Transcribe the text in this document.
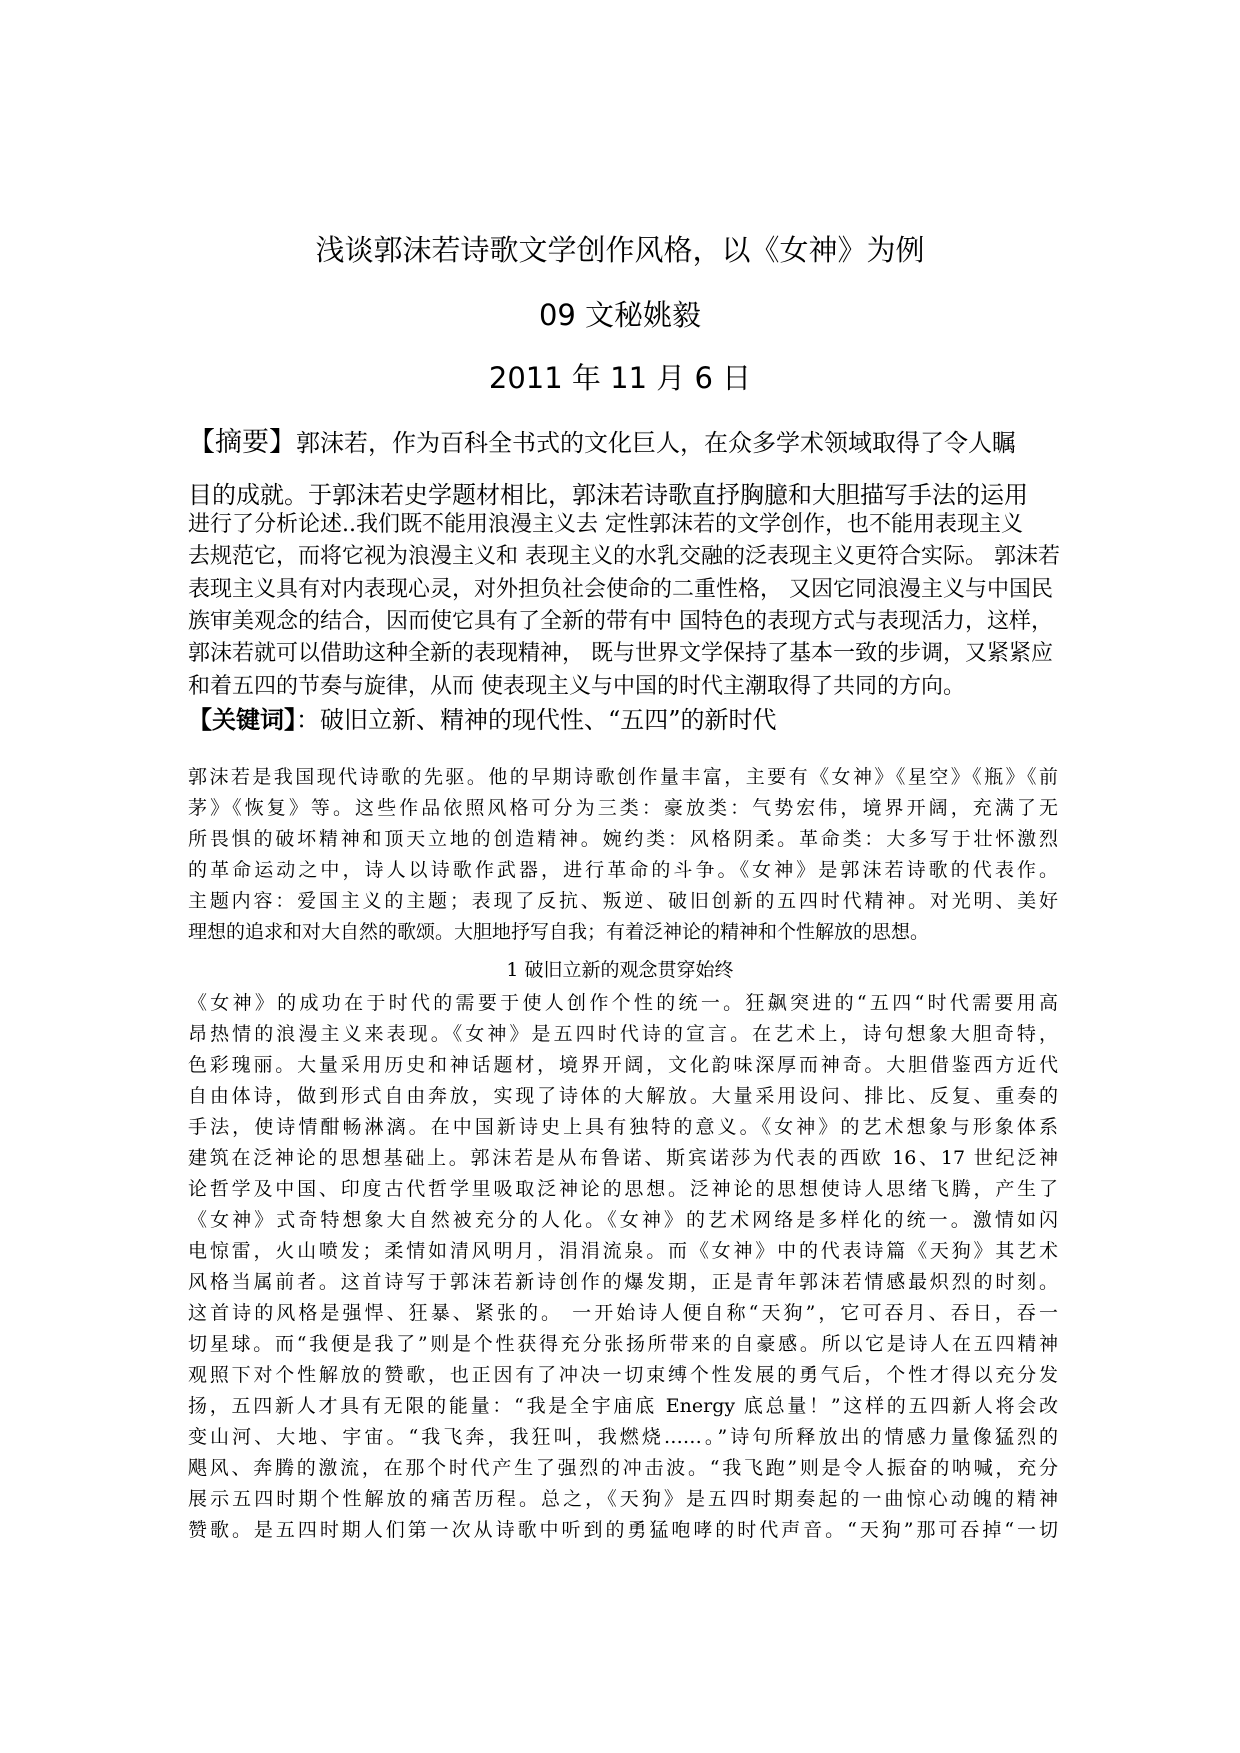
浅谈郭沫若诗歌文学创作风格，以《女神》为例
09 文秘姚毅
2011 年 11 月 6 日
【摘要】郭沫若，作为百科全书式的文化巨人，在众多学术领域取得了令人瞩
目的成就。于郭沫若史学题材相比，郭沫若诗歌直抒胸臆和大胆描写手法的运用
进行了分析论述..我们既不能用浪漫主义去 定性郭沫若的文学创作，也不能用表现主义
去规范它，而将它视为浪漫主义和 表现主义的水乳交融的泛表现主义更符合实际。 郭沫若
表现主义具有对内表现心灵，对外担负社会使命的二重性格， 又因它同浪漫主义与中国民
族审美观念的结合，因而使它具有了全新的带有中 国特色的表现方式与表现活力，这样，
郭沫若就可以借助这种全新的表现精神， 既与世界文学保持了基本一致的步调，又紧紧应
和着五四的节奏与旋律，从而 使表现主义与中国的时代主潮取得了共同的方向。
【关键词】：破旧立新、精神的现代性、“五四”的新时代
郭沫若是我国现代诗歌的先驱。他的早期诗歌创作量丰富，主要有《女神》《星空》《瓶》《前
茅》《恢复》等。这些作品依照风格可分为三类：豪放类：气势宏伟，境界开阔，充满了无
所畏惧的破坏精神和顶天立地的创造精神。婉约类：风格阴柔。革命类：大多写于壮怀激烈
的革命运动之中，诗人以诗歌作武器，进行革命的斗争。《女神》是郭沫若诗歌的代表作。
主题内容：爱国主义的主题；表现了反抗、叛逆、破旧创新的五四时代精神。对光明、美好
理想的追求和对大自然的歌颂。大胆地抒写自我；有着泛神论的精神和个性解放的思想。
1 破旧立新的观念贯穿始终
《女神》的成功在于时代的需要于使人创作个性的统一。狂飙突进的“五四“时代需要用高
昂热情的浪漫主义来表现。《女神》是五四时代诗的宣言。在艺术上，诗句想象大胆奇特，
色彩瑰丽。大量采用历史和神话题材，境界开阔，文化韵味深厚而神奇。大胆借鉴西方近代
自由体诗，做到形式自由奔放，实现了诗体的大解放。大量采用设问、排比、反复、重奏的
手法，使诗情酣畅淋漓。在中国新诗史上具有独特的意义。《女神》的艺术想象与形象体系
建筑在泛神论的思想基础上。郭沫若是从布鲁诺、斯宾诺莎为代表的西欧 16、17 世纪泛神
论哲学及中国、印度古代哲学里吸取泛神论的思想。泛神论的思想使诗人思绪飞腾，产生了
《女神》式奇特想象大自然被充分的人化。《女神》的艺术网络是多样化的统一。激情如闪
电惊雷，火山喷发；柔情如清风明月，涓涓流泉。而《女神》中的代表诗篇《天狗》其艺术
风格当属前者。这首诗写于郭沫若新诗创作的爆发期，正是青年郭沫若情感最炽烈的时刻。
这首诗的风格是强悍、狂暴、紧张的。 一开始诗人便自称“天狗”，它可吞月、吞日，吞一
切星球。而“我便是我了”则是个性获得充分张扬所带来的自豪感。所以它是诗人在五四精神
观照下对个性解放的赞歌，也正因有了冲决一切束缚个性发展的勇气后，个性才得以充分发
扬，五四新人才具有无限的能量：“我是全宇庙底 Energy 底总量！”这样的五四新人将会改
变山河、大地、宇宙。“我飞奔，我狂叫，我燃烧……。”诗句所释放出的情感力量像猛烈的
飓风、奔腾的激流，在那个时代产生了强烈的冲击波。“我飞跑”则是令人振奋的呐喊，充分
展示五四时期个性解放的痛苦历程。总之，《天狗》是五四时期奏起的一曲惊心动魄的精神
赞歌。是五四时期人们第一次从诗歌中听到的勇猛咆哮的时代声音。“天狗”那可吞掉“一切
